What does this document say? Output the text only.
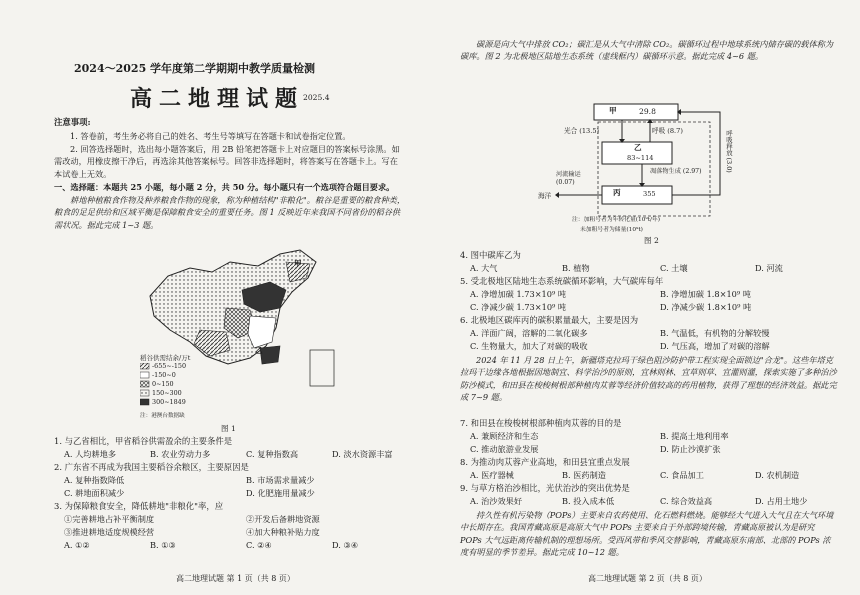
2024～2025 学年度第二学期期中教学质量检测
高二地理试题
2025.4
注意事项:
1. 答卷前，考生务必将自己的姓名、考生号等填写在答题卡和试卷指定位置。
2. 回答选择题时，选出每小题答案后，用 2B 铅笔把答题卡上对应题目的答案标号涂黑。如需改动，用橡皮擦干净后，再选涂其他答案标号。回答非选择题时，将答案写在答题卡上。写在本试卷上无效。
一、选择题：本题共 25 小题，每小题 2 分，共 50 分。每小题只有一个选项符合题目要求。
耕地种植粮食作物及种养粮食作物的现象，称为种植结构"非粮化"。粮谷是重要的粮食种类，粮食的足足供给和区域平衡是保障粮食安全的重要任务。图 1 反映近年来我国不同省份的稻谷供需状况。据此完成 1~3 题。
甲
乙
稻谷供需结余/万t
-655~-150
-150~0
0~150
150~300
300~1849
注：港澳台数据缺
图 1
1. 与乙省相比，甲省稻谷供需盈余的主要条件是
A. 人均耕地多	B. 农业劳动力多	C. 复种指数高	D. 淡水资源丰富
2. 广东省不再成为我国主要稻谷余粮区，主要原因是
A. 复种指数降低	B. 市场需求量减少
C. 耕地面积减少	D. 化肥施用量减少
3. 为保障粮食安全，降低耕地"非粮化"率，应
①完善耕地占补平衡制度	②开发后备耕地资源
③推进耕地适度规模经营	④加大种粮补贴力度
A. ①②	B. ①③	C. ②④	D. ③④
高二地理试题 第 1 页（共 8 页）
碳源是向大气中排放 CO₂；碳汇是从大气中清除 CO₂。碳循环过程中地球系统内储存碳的载体称为碳库。图 2 为北极地区陆地生态系统（虚线框内）碳循环示意。据此完成 4~6 题。
甲	29.8
光合 (13.5)	呼吸 (8.7)
乙
83~114
凋落物生成 (2.97)
河流输运 (0.07)
海洋	丙	355
呼吸释放 (3.0)
注：加粗号者为年转化量(10⁹t/年)
未加粗号者为储量(10⁹t)
图 2
4. 图中碳库乙为
A. 大气	B. 植物	C. 土壤	D. 河流
5. 受北极地区陆地生态系统碳循环影响，大气碳库每年
A. 净增加碳 1.73×10⁹ 吨	B. 净增加碳 1.8×10⁹ 吨
C. 净减少碳 1.73×10⁹ 吨	D. 净减少碳 1.8×10⁹ 吨
6. 北极地区碳库丙的碳积累量最大，主要是因为
A. 洋面广阔，溶解的二氧化碳多	B. 气温低，有机物的分解较慢
C. 生物量大，加大了对碳的吸收	D. 气压高，增加了对碳的溶解
2024 年 11 月 28 日上午，新疆塔克拉玛干绿色阻沙防护带工程实现全面锁边"合龙"。这些年塔克拉玛干边缘各地根据因地制宜、科学治沙的原则，宜林则林、宜草则草、宜灌则灌，探索实施了多种治沙防沙模式，和田县在梭梭树根部种植肉苁蓉等经济价值较高的药用植物，获得了理想的经济效益。据此完成 7~9 题。
7. 和田县在梭梭树根部种植肉苁蓉的目的是
A. 兼顾经济和生态	B. 提高土地利用率
C. 推动旅游业发展	D. 防止沙漠扩张
8. 为推动肉苁蓉产业高地，和田县宜重点发展
A. 医疗器械	B. 医药制造	C. 食品加工	D. 农机制造
9. 与草方格治沙相比，光伏治沙的突出优势是
A. 治沙效果好	B. 投入成本低	C. 综合效益高	D. 占用土地少
持久性有机污染物（POPs）主要来自农药使用、化石燃料燃烧。能够经大气进入大气且在大气环境中长期存在。我国青藏高原是高原大气中 POPs 主要来自于外部跨境传输，青藏高原被认为是研究 POPs 大气远距离传输机制的理想场所。受西风带和季风交替影响，青藏高原东南部、北部的 POPs 浓度有明显的季节差异。据此完成 10~12 题。
高二地理试题 第 2 页（共 8 页）
